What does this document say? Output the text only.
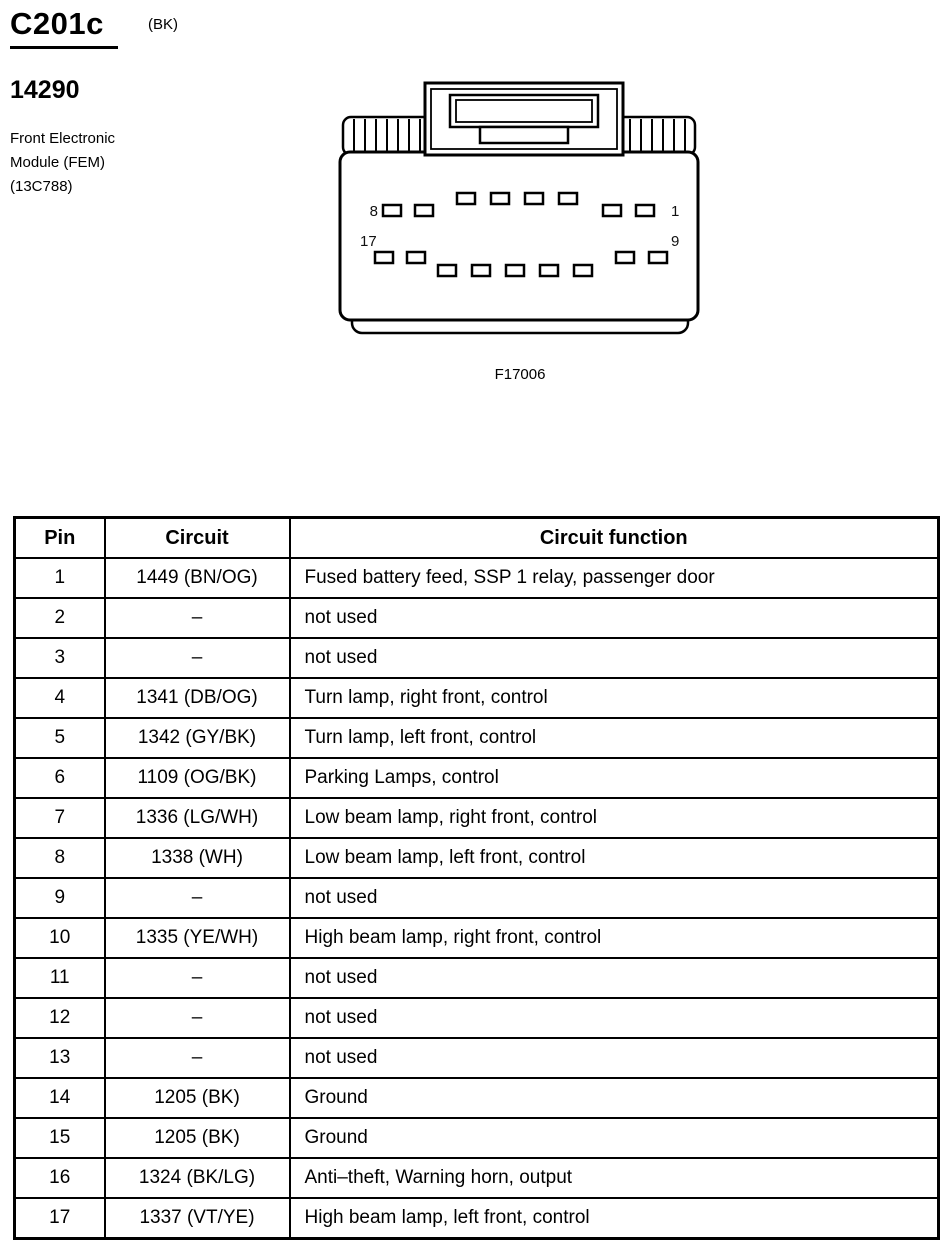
C201c	(BK)
14290
Front Electronic
Module (FEM)
(13C788)
8	1
17	9
F17006
Pin	Circuit	Circuit function
1	1449 (BN/OG)	Fused battery feed, SSP 1 relay, passenger door
2	–	not used
3	–	not used
4	1341 (DB/OG)	Turn lamp, right front, control
5	1342 (GY/BK)	Turn lamp, left front, control
6	1109 (OG/BK)	Parking Lamps, control
7	1336 (LG/WH)	Low beam lamp, right front, control
8	1338 (WH)	Low beam lamp, left front, control
9	–	not used
10	1335 (YE/WH)	High beam lamp, right front, control
11	–	not used
12	–	not used
13	–	not used
14	1205 (BK)	Ground
15	1205 (BK)	Ground
16	1324 (BK/LG)	Anti–theft, Warning horn, output
17	1337 (VT/YE)	High beam lamp, left front, control
